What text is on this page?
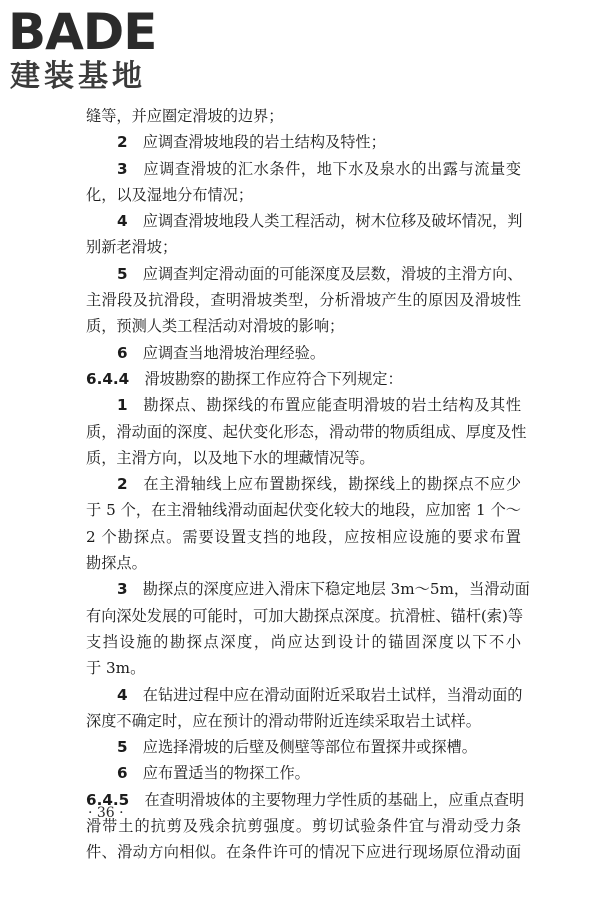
BADE
建装基地
缝等，并应圈定滑坡的边界；
2  应调查滑坡地段的岩土结构及特性；
3  应调查滑坡的汇水条件，地下水及泉水的出露与流量变
化，以及湿地分布情况；
4  应调查滑坡地段人类工程活动，树木位移及破坏情况，判
别新老滑坡；
5  应调查判定滑动面的可能深度及层数，滑坡的主滑方向、
主滑段及抗滑段，查明滑坡类型，分析滑坡产生的原因及滑坡性
质，预测人类工程活动对滑坡的影响；
6  应调查当地滑坡治理经验。
6.4.4  滑坡勘察的勘探工作应符合下列规定：
1  勘探点、勘探线的布置应能查明滑坡的岩土结构及其性
质，滑动面的深度、起伏变化形态，滑动带的物质组成、厚度及性
质，主滑方向，以及地下水的埋藏情况等。
2  在主滑轴线上应布置勘探线，勘探线上的勘探点不应少
于 5 个，在主滑轴线滑动面起伏变化较大的地段，应加密 1 个～
2 个勘探点。需要设置支挡的地段，应按相应设施的要求布置
勘探点。
3  勘探点的深度应进入滑床下稳定地层 3m～5m，当滑动面
有向深处发展的可能时，可加大勘探点深度。抗滑桩、锚杆(索)等
支挡设施的勘探点深度，尚应达到设计的锚固深度以下不小
于 3m。
4  在钻进过程中应在滑动面附近采取岩土试样，当滑动面的
深度不确定时，应在预计的滑动带附近连续采取岩土试样。
5  应选择滑坡的后壁及侧壁等部位布置探井或探槽。
6  应布置适当的物探工作。
6.4.5  在查明滑坡体的主要物理力学性质的基础上，应重点查明
滑带土的抗剪及残余抗剪强度。剪切试验条件宜与滑动受力条
件、滑动方向相似。在条件许可的情况下应进行现场原位滑动面
· 36 ·
